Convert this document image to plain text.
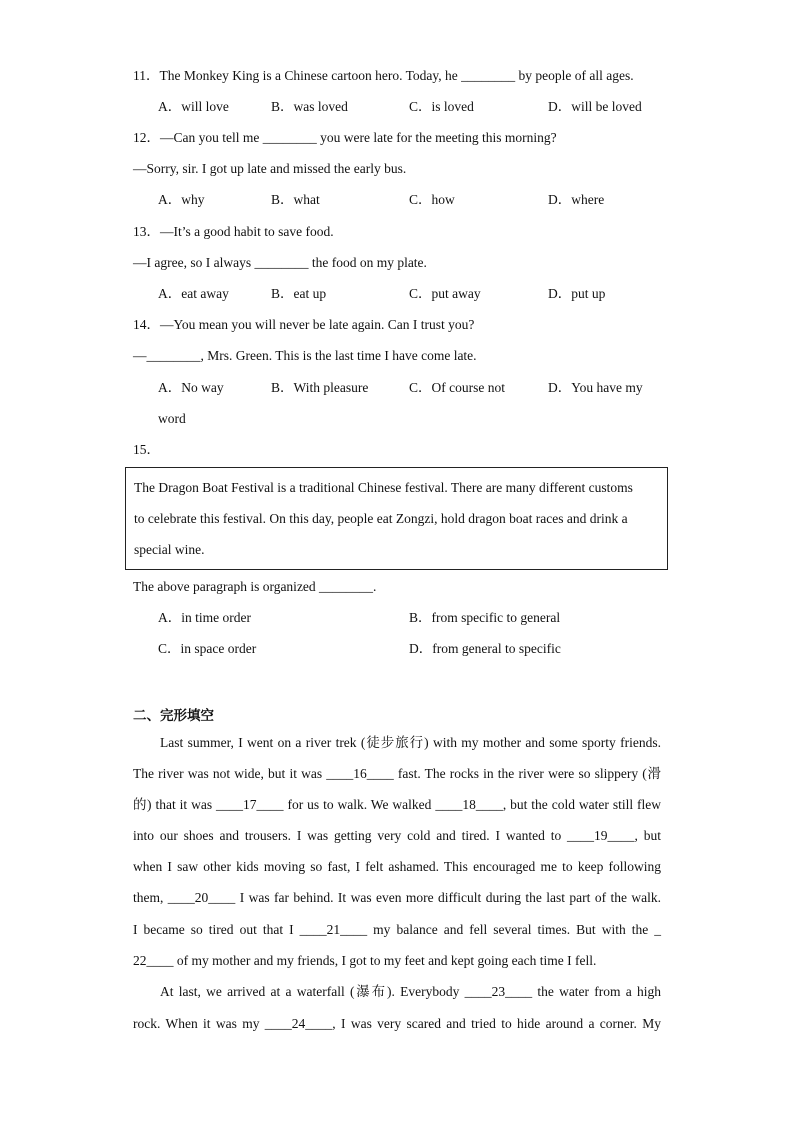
11．The Monkey King is a Chinese cartoon hero. Today, he ________ by people of all ages.
A．will love	B．was loved	C．is loved	D．will be loved
12．—Can you tell me ________ you were late for the meeting this morning?
—Sorry, sir. I got up late and missed the early bus.
A．why	B．what	C．how	D．where
13．—It’s a good habit to save food.
—I agree, so I always ________ the food on my plate.
A．eat away	B．eat up	C．put away	D．put up
14．—You mean you will never be late again. Can I trust you?
—________, Mrs. Green. This is the last time I have come late.
A．No way	B．With pleasure	C．Of course not	D．You have my
word
15．
The Dragon Boat Festival is a traditional Chinese festival. There are many different customs
to celebrate this festival. On this day, people eat Zongzi, hold dragon boat races and drink a
special wine.
The above paragraph is organized ________.
A．in time order	B．from specific to general
C．in space order	D．from general to specific
二、完形填空
Last summer, I went on a river trek (徒步旅行) with my mother and some sporty friends.
The river was not wide, but it was ____16____ fast. The rocks in the river were so slippery (滑
的) that it was ____17____ for us to walk. We walked ____18____, but the cold water still flew
into our shoes and trousers. I was getting very cold and tired. I wanted to ____19____, but
when I saw other kids moving so fast, I felt ashamed. This encouraged me to keep following
them, ____20____ I was far behind. It was even more difficult during the last part of the walk.
I became so tired out that I ____21____ my balance and fell several times. But with the _
22____ of my mother and my friends, I got to my feet and kept going each time I fell.
At last, we arrived at a waterfall (瀑布). Everybody ____23____ the water from a high
rock. When it was my ____24____, I was very scared and tried to hide around a corner. My
